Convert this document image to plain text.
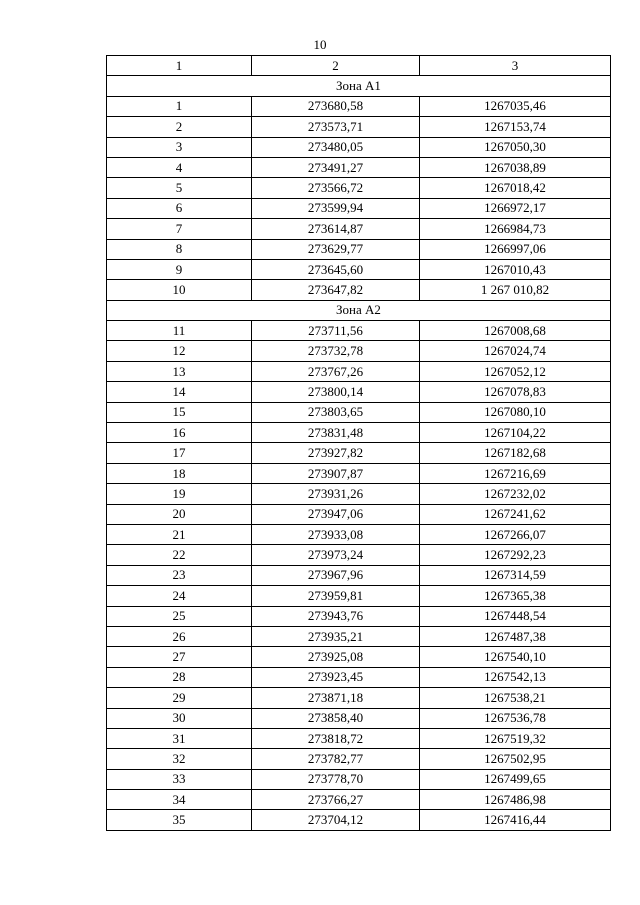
10
1	2	3
Зона А1		
1	273680,58	1267035,46
2	273573,71	1267153,74
3	273480,05	1267050,30
4	273491,27	1267038,89
5	273566,72	1267018,42
6	273599,94	1266972,17
7	273614,87	1266984,73
8	273629,77	1266997,06
9	273645,60	1267010,43
10	273647,82	1 267 010,82
Зона А2		
11	273711,56	1267008,68
12	273732,78	1267024,74
13	273767,26	1267052,12
14	273800,14	1267078,83
15	273803,65	1267080,10
16	273831,48	1267104,22
17	273927,82	1267182,68
18	273907,87	1267216,69
19	273931,26	1267232,02
20	273947,06	1267241,62
21	273933,08	1267266,07
22	273973,24	1267292,23
23	273967,96	1267314,59
24	273959,81	1267365,38
25	273943,76	1267448,54
26	273935,21	1267487,38
27	273925,08	1267540,10
28	273923,45	1267542,13
29	273871,18	1267538,21
30	273858,40	1267536,78
31	273818,72	1267519,32
32	273782,77	1267502,95
33	273778,70	1267499,65
34	273766,27	1267486,98
35	273704,12	1267416,44
